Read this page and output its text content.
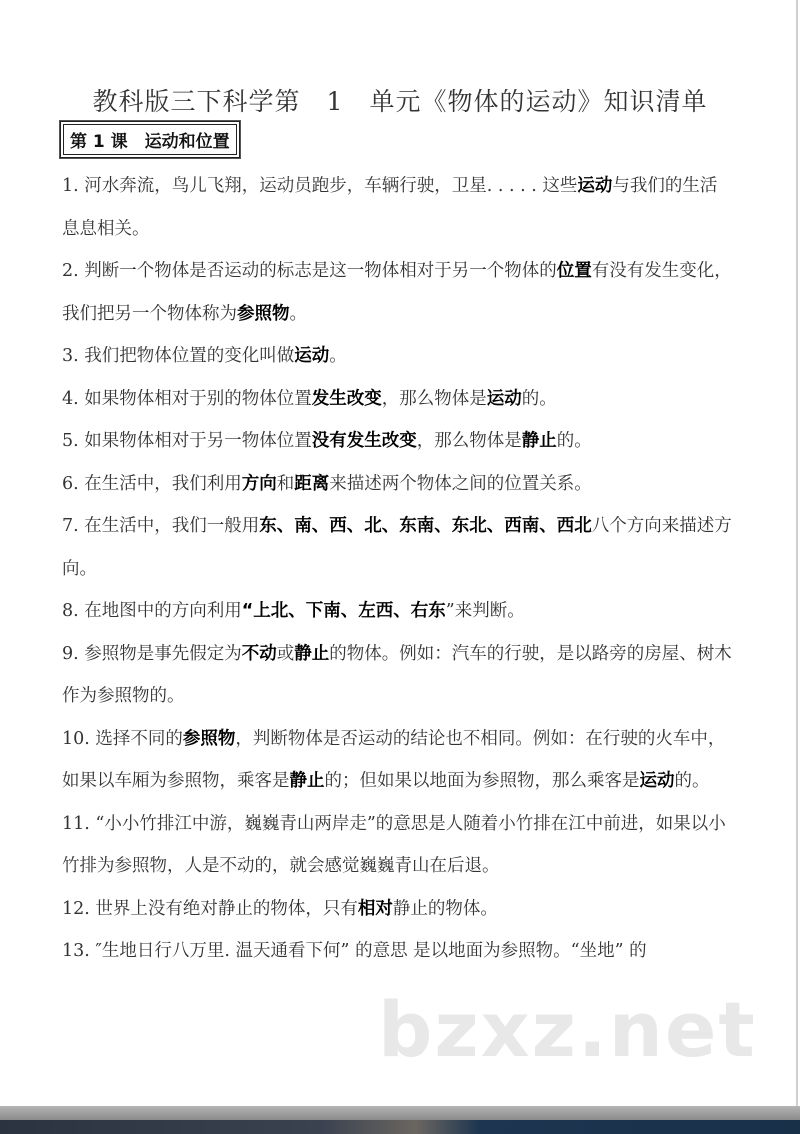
教科版三下科学第　1　单元《物体的运动》知识清单
第 1 课　运动和位置

1. 河水奔流，鸟儿飞翔，运动员跑步，车辆行驶，卫星. . . . . 这些运动与我们的生活息息相关。

2. 判断一个物体是否运动的标志是这一物体相对于另一个物体的位置有没有发生变化，我们把另一个物体称为参照物。

3. 我们把物体位置的变化叫做运动。

4. 如果物体相对于别的物体位置发生改变，那么物体是运动的。

5. 如果物体相对于另一物体位置没有发生改变，那么物体是静止的。

6. 在生活中，我们利用方向和距离来描述两个物体之间的位置关系。

7. 在生活中，我们一般用东、南、西、北、东南、东北、西南、西北八个方向来描述方向。

8. 在地图中的方向利用“上北、下南、左西、右东”来判断。

9. 参照物是事先假定为不动或静止的物体。例如：汽车的行驶，是以路旁的房屋、树木作为参照物的。

10. 选择不同的参照物，判断物体是否运动的结论也不相同。例如：在行驶的火车中，如果以车厢为参照物，乘客是静止的；但如果以地面为参照物，那么乘客是运动的。

11. “小小竹排江中游，巍巍青山两岸走”的意思是人随着小竹排在江中前进，如果以小竹排为参照物，人是不动的，就会感觉巍巍青山在后退。

12. 世界上没有绝对静止的物体，只有相对静止的物体。

13. ″生地日行八万里. 温天通看下何” 的意思 是以地面为参照物。“坐地” 的

bzxz.net
